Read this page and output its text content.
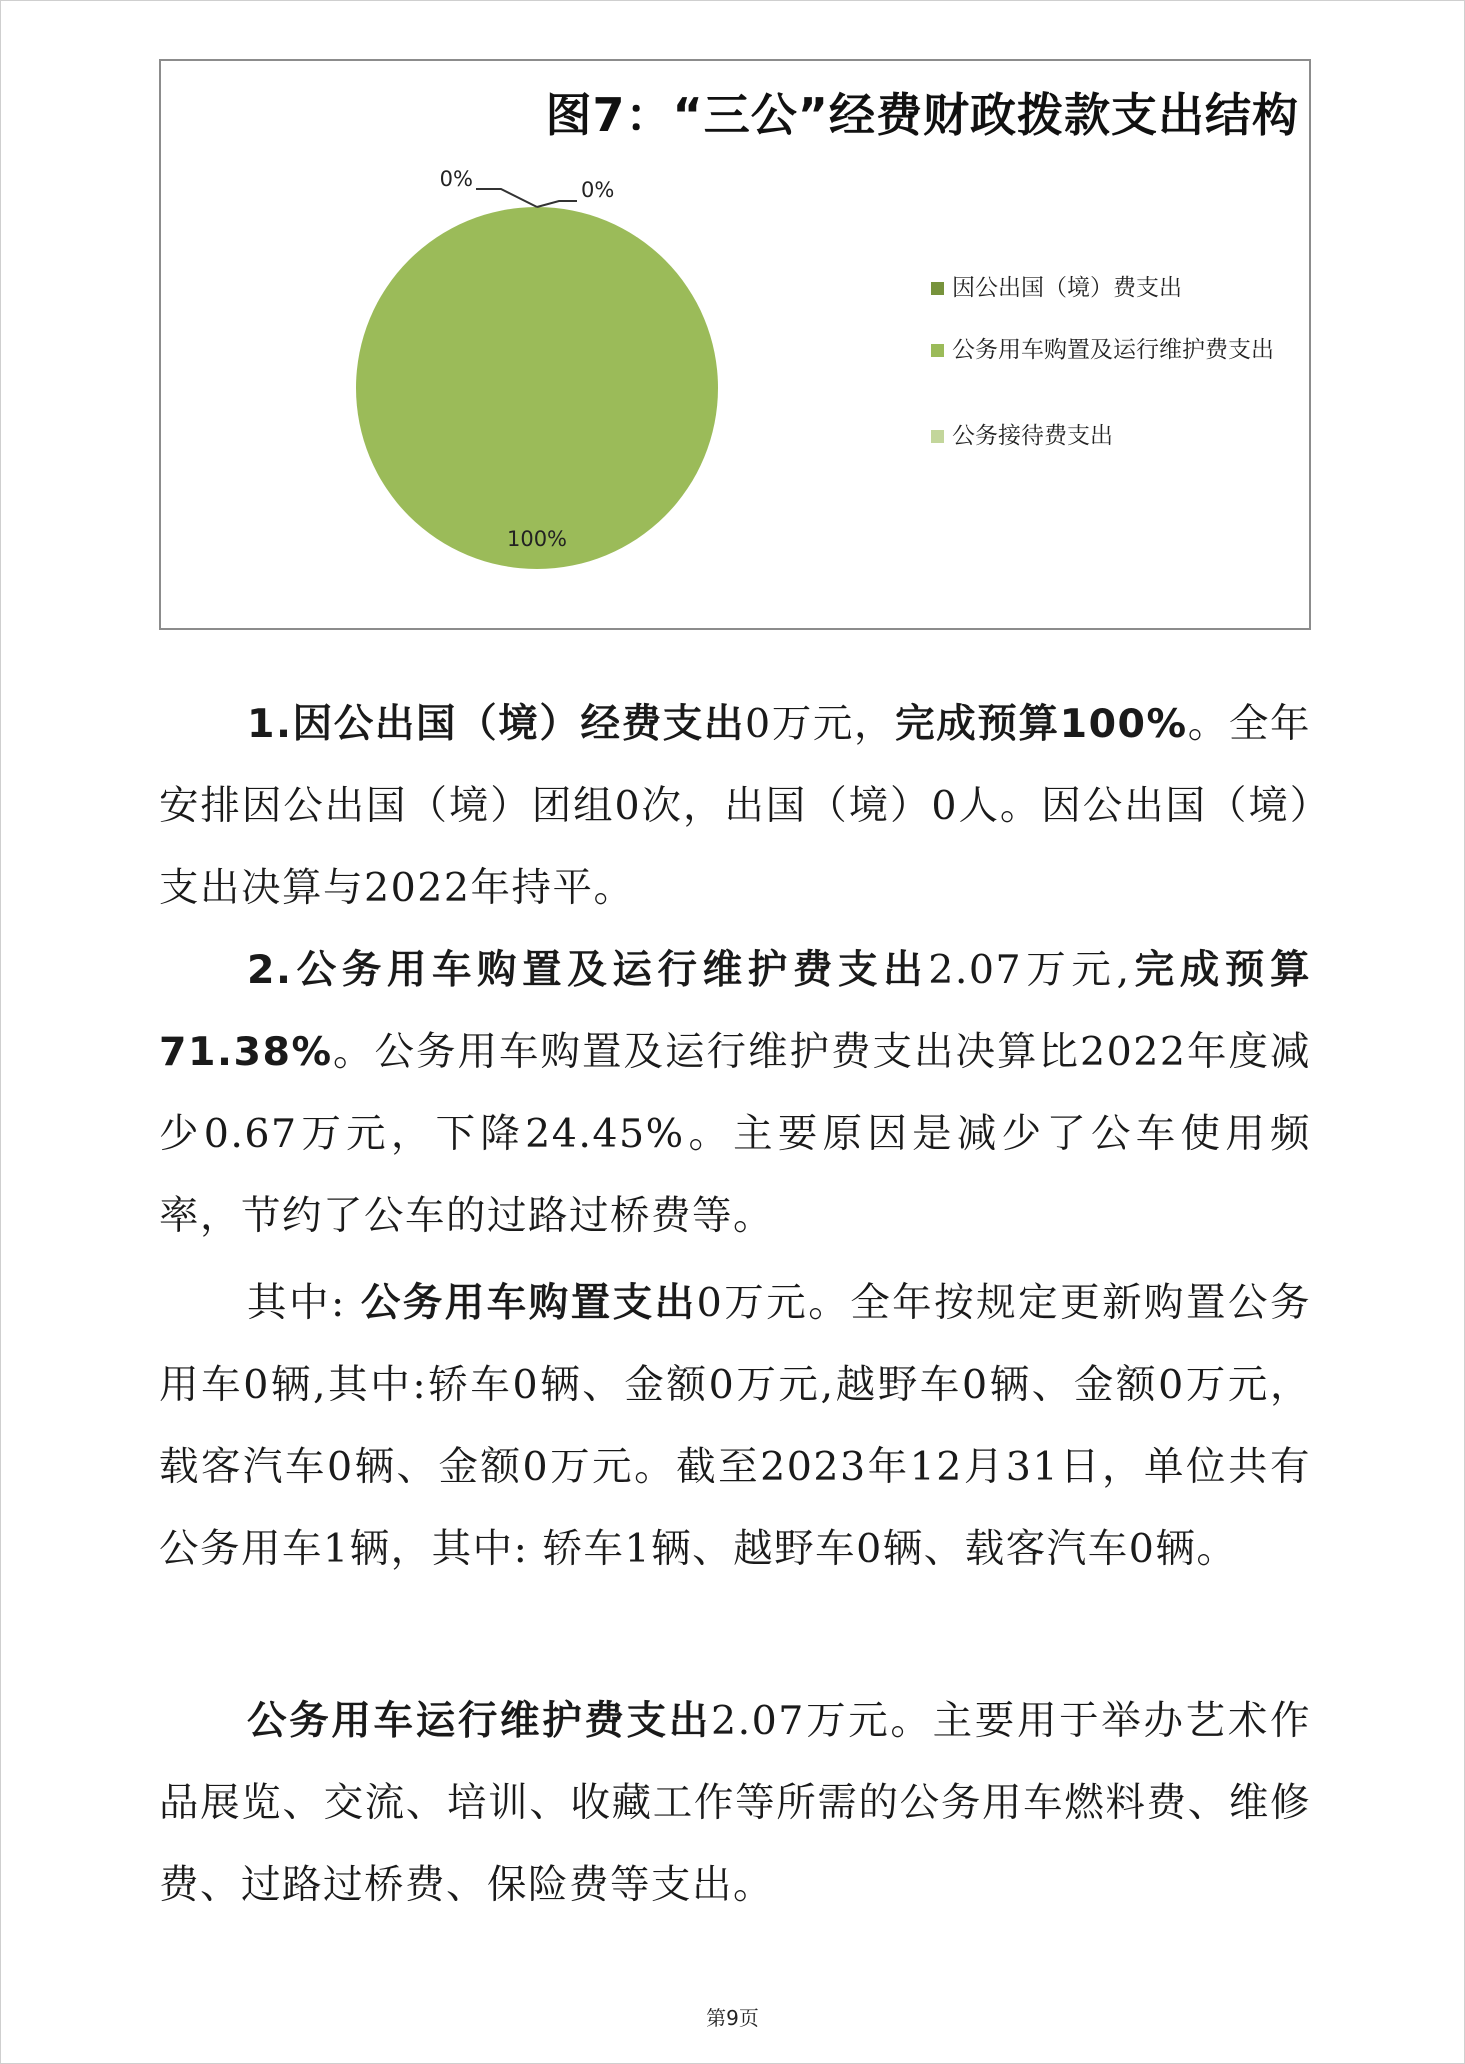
图7：“三公”经费财政拨款支出结构
0%
100%
0%
因公出国（境）费支出
公务用车购置及运行维护费支出
公务接待费支出

1.因公出国（境）经费支出0万元，完成预算100%。全年安排因公出国（境）团组0次，出国（境）0人。因公出国（境）支出决算与2022年持平。

2.公务用车购置及运行维护费支出2.07万元,完成预算71.38%。公务用车购置及运行维护费支出决算比2022年度减少0.67万元，下降24.45%。主要原因是减少了公车使用频率，节约了公车的过路过桥费等。

其中: 公务用车购置支出0万元。全年按规定更新购置公务用车0辆,其中:轿车0辆、金额0万元,越野车0辆、金额0万元，载客汽车0辆、金额0万元。截至2023年12月31日，单位共有公务用车1辆，其中: 轿车1辆、越野车0辆、载客汽车0辆。

公务用车运行维护费支出2.07万元。主要用于举办艺术作品展览、交流、培训、收藏工作等所需的公务用车燃料费、维修费、过路过桥费、保险费等支出。

第9页
